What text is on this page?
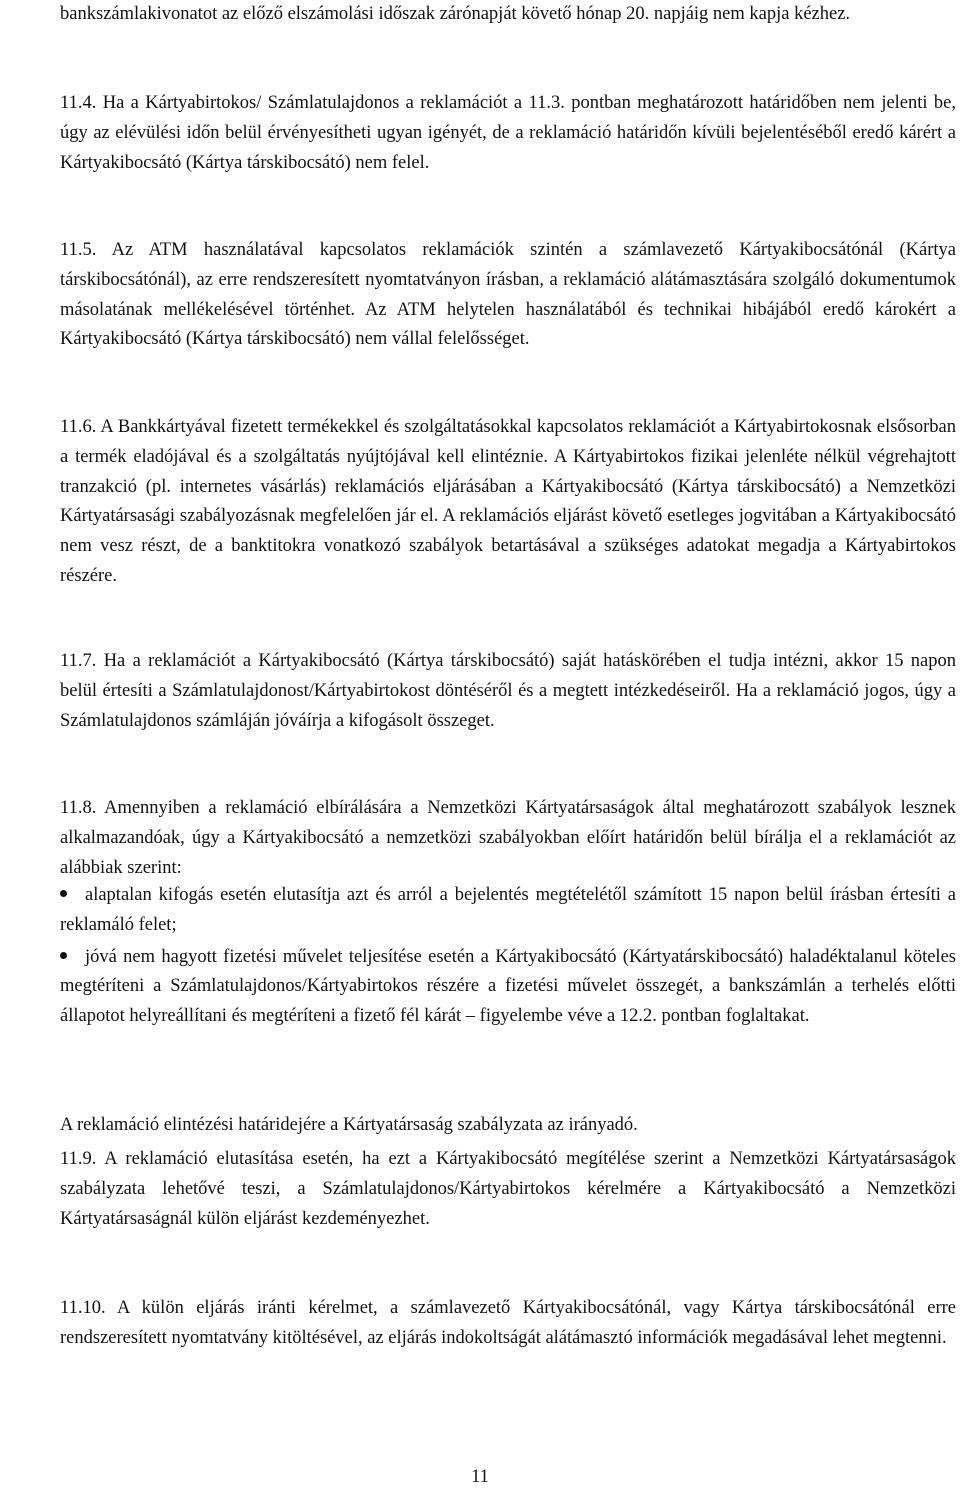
bankszámlakivonatot az előző elszámolási időszak zárónapját követő hónap 20. napjáig nem kapja kézhez.

11.4. Ha a Kártyabirtokos/ Számlatulajdonos a reklamációt a 11.3. pontban meghatározott határidőben nem jelenti be, úgy az elévülési időn belül érvényesítheti ugyan igényét, de a reklamáció határidőn kívüli bejelentéséből eredő kárért a Kártyakibocsátó (Kártya társkibocsátó) nem felel.

11.5. Az ATM használatával kapcsolatos reklamációk szintén a számlavezető Kártyakibocsátónál (Kártya társkibocsátónál), az erre rendszeresített nyomtatványon írásban, a reklamáció alátámasztására szolgáló dokumentumok másolatának mellékelésével történhet. Az ATM helytelen használatából és technikai hibájából eredő károkért a Kártyakibocsátó (Kártya társkibocsátó) nem vállal felelősséget.

11.6. A Bankkártyával fizetett termékekkel és szolgáltatásokkal kapcsolatos reklamációt a Kártyabirtokosnak elsősorban a termék eladójával és a szolgáltatás nyújtójával kell elintéznie. A Kártyabirtokos fizikai jelenléte nélkül végrehajtott tranzakció (pl. internetes vásárlás) reklamációs eljárásában a Kártyakibocsátó (Kártya társkibocsátó) a Nemzetközi Kártyatársasági szabályozásnak megfelelően jár el. A reklamációs eljárást követő esetleges jogvitában a Kártyakibocsátó nem vesz részt, de a banktitokra vonatkozó szabályok betartásával a szükséges adatokat megadja a Kártyabirtokos részére.

11.7. Ha a reklamációt a Kártyakibocsátó (Kártya társkibocsátó) saját hatáskörében el tudja intézni, akkor 15 napon belül értesíti a Számlatulajdonost/Kártyabirtokost döntéséről és a megtett intézkedéseiről. Ha a reklamáció jogos, úgy a Számlatulajdonos számláján jóváírja a kifogásolt összeget.

11.8. Amennyiben a reklamáció elbírálására a Nemzetközi Kártyatársaságok által meghatározott szabályok lesznek alkalmazandóak, úgy a Kártyakibocsátó a nemzetközi szabályokban előírt határidőn belül bírálja el a reklamációt az alábbiak szerint:

alaptalan kifogás esetén elutasítja azt és arról a bejelentés megtételétől számított 15 napon belül írásban értesíti a reklamáló felet;
jóvá nem hagyott fizetési művelet teljesítése esetén a Kártyakibocsátó (Kártyatárskibocsátó) haladéktalanul köteles megtéríteni a Számlatulajdonos/Kártyabirtokos részére a fizetési művelet összegét, a bankszámlán a terhelés előtti állapotot helyreállítani és megtéríteni a fizető fél kárát – figyelembe véve a 12.2. pontban foglaltakat.

A reklamáció elintézési határidejére a Kártyatársaság szabályzata az irányadó.

11.9. A reklamáció elutasítása esetén, ha ezt a Kártyakibocsátó megítélése szerint a Nemzetközi Kártyatársaságok szabályzata lehetővé teszi, a Számlatulajdonos/Kártyabirtokos kérelmére a Kártyakibocsátó a Nemzetközi Kártyatársaságnál külön eljárást kezdeményezhet.

11.10. A külön eljárás iránti kérelmet, a számlavezető Kártyakibocsátónál, vagy Kártya társkibocsátónál erre rendszeresített nyomtatvány kitöltésével, az eljárás indokoltságát alátámasztó információk megadásával lehet megtenni.

11
